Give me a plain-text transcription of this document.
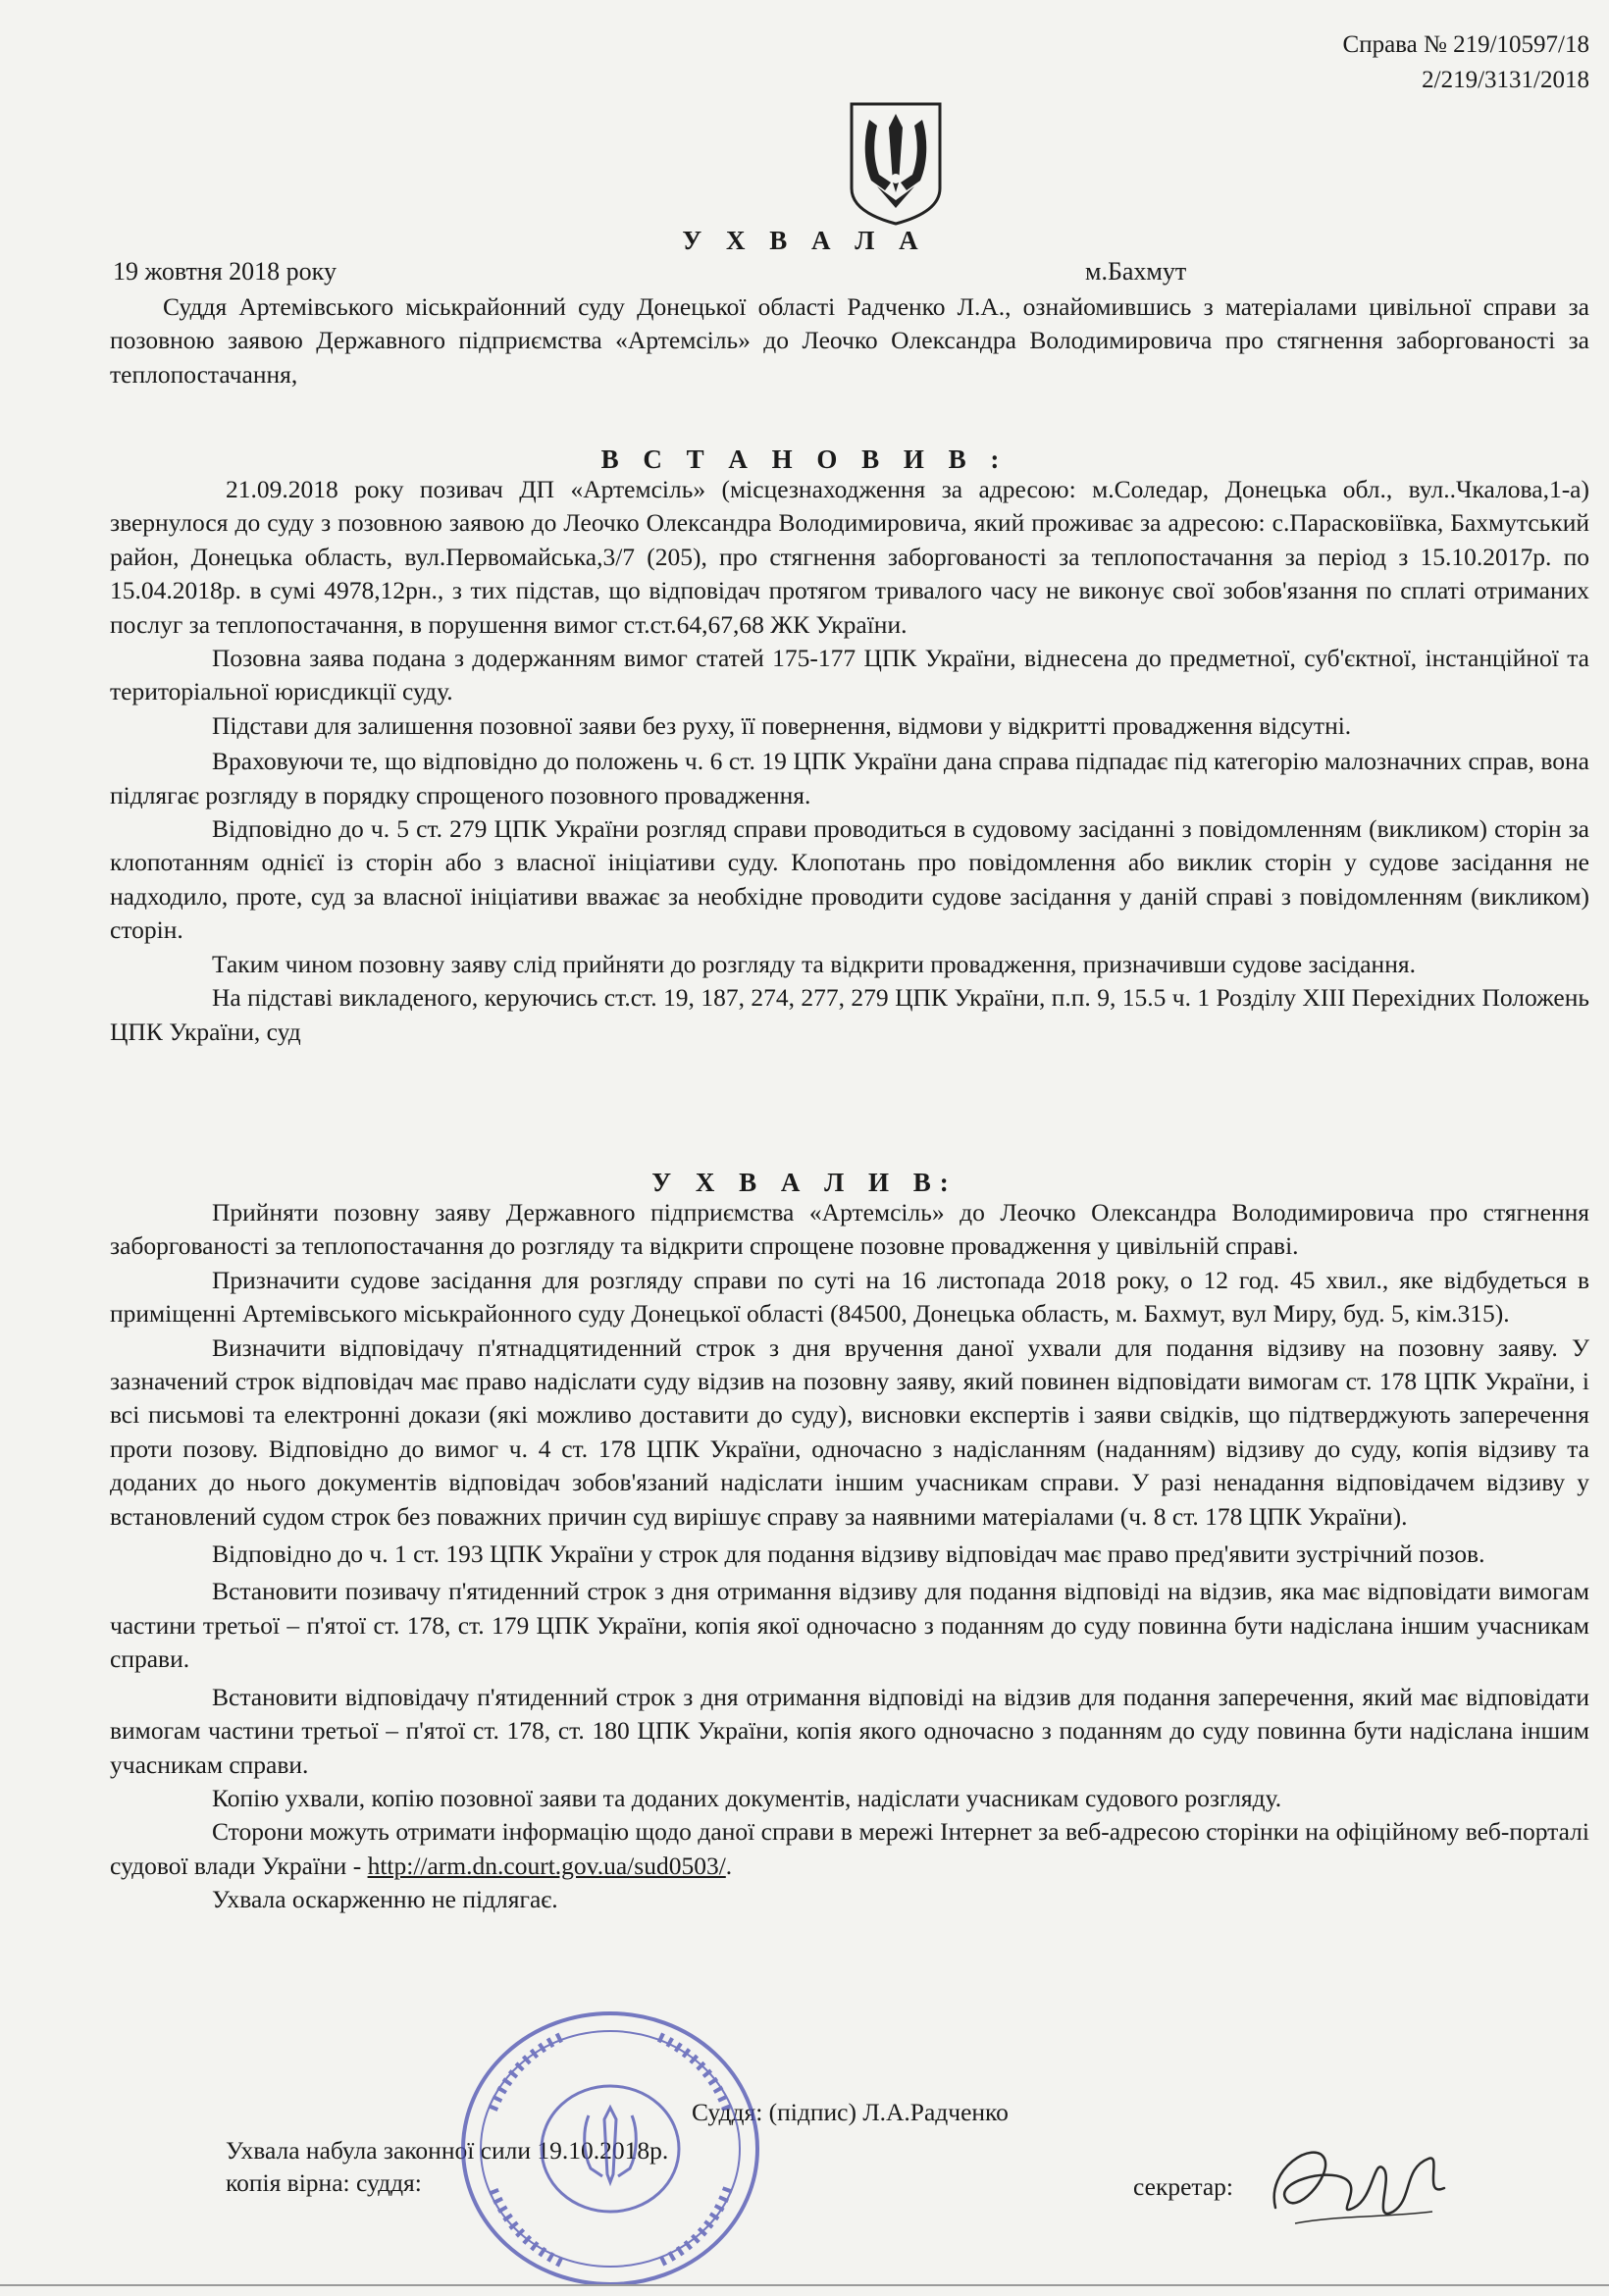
Справа № 219/10597/18
2/219/3131/2018
У Х В А Л А
19 жовтня 2018 року	м.Бахмут

Суддя Артемівського міськрайонний суду Донецької області Радченко Л.А., ознайомившись з матеріалами цивільної справи за позовною заявою Державного підприємства «Артемсіль» до Леочко Олександра Володимировича про стягнення заборгованості за теплопостачання,

В С Т А Н О В И В :

21.09.2018 року позивач ДП «Артемсіль» (місцезнаходження за адресою: м.Соледар, Донецька обл., вул..Чкалова,1-а) звернулося до суду з позовною заявою до Леочко Олександра Володимировича, який проживає за адресою: с.Парасковіївка, Бахмутський район, Донецька область, вул.Первомайська,3/7 (205), про стягнення заборгованості за теплопостачання за період з 15.10.2017р. по 15.04.2018р. в сумі 4978,12рн., з тих підстав, що відповідач протягом тривалого часу не виконує свої зобов'язання по сплаті отриманих послуг за теплопостачання, в порушення вимог ст.ст.64,67,68 ЖК України.

Позовна заява подана з додержанням вимог статей 175-177 ЦПК України, віднесена до предметної, суб'єктної, інстанційної та територіальної юрисдикції суду.

Підстави для залишення позовної заяви без руху, її повернення, відмови у відкритті провадження відсутні.

Враховуючи те, що відповідно до положень ч. 6 ст. 19 ЦПК України дана справа підпадає під категорію малозначних справ, вона підлягає розгляду в порядку спрощеного позовного провадження.

Відповідно до ч. 5 ст. 279 ЦПК України розгляд справи проводиться в судовому засіданні з повідомленням (викликом) сторін за клопотанням однієї із сторін або з власної ініціативи суду. Клопотань про повідомлення або виклик сторін у судове засідання не надходило, проте, суд за власної ініціативи вважає за необхідне проводити судове засідання у даній справі з повідомленням (викликом) сторін.

Таким чином позовну заяву слід прийняти до розгляду та відкрити провадження, призначивши судове засідання.

На підставі викладеного, керуючись ст.ст. 19, 187, 274, 277, 279 ЦПК України, п.п. 9, 15.5 ч. 1 Розділу XIII Перехідних Положень ЦПК України, суд

У Х В А Л И В:

Прийняти позовну заяву Державного підприємства «Артемсіль» до Леочко Олександра Володимировича про стягнення заборгованості за теплопостачання до розгляду та відкрити спрощене позовне провадження у цивільній справі.

Призначити судове засідання для розгляду справи по суті на 16 листопада 2018 року, о 12 год. 45 хвил., яке відбудеться в приміщенні Артемівського міськрайонного суду Донецької області (84500, Донецька область, м. Бахмут, вул Миру, буд. 5, кім.315).

Визначити відповідачу п'ятнадцятиденний строк з дня вручення даної ухвали для подання відзиву на позовну заяву. У зазначений строк відповідач має право надіслати суду відзив на позовну заяву, який повинен відповідати вимогам ст. 178 ЦПК України, і всі письмові та електронні докази (які можливо доставити до суду), висновки експертів і заяви свідків, що підтверджують заперечення проти позову. Відповідно до вимог ч. 4 ст. 178 ЦПК України, одночасно з надісланням (наданням) відзиву до суду, копія відзиву та доданих до нього документів відповідач зобов'язаний надіслати іншим учасникам справи. У разі ненадання відповідачем відзиву у встановлений судом строк без поважних причин суд вирішує справу за наявними матеріалами (ч. 8 ст. 178 ЦПК України).

Відповідно до ч. 1 ст. 193 ЦПК України у строк для подання відзиву відповідач має право пред'явити зустрічний позов.

Встановити позивачу п'ятиденний строк з дня отримання відзиву для подання відповіді на відзив, яка має відповідати вимогам частини третьої – п'ятої ст. 178, ст. 179 ЦПК України, копія якої одночасно з поданням до суду повинна бути надіслана іншим учасникам справи.

Встановити відповідачу п'ятиденний строк з дня отримання відповіді на відзив для подання заперечення, який має відповідати вимогам частини третьої – п'ятої ст. 178, ст. 180 ЦПК України, копія якого одночасно з поданням до суду повинна бути надіслана іншим учасникам справи.

Копію ухвали, копію позовної заяви та доданих документів, надіслати учасникам судового розгляду.

Сторони можуть отримати інформацію щодо даної справи в мережі Інтернет за веб-адресою сторінки на офіційному веб-порталі судової влади України - http://arm.dn.court.gov.ua/sud0503/.

Ухвала оскарженню не підлягає.

Суддя: (підпис) Л.А.Радченко
Ухвала набула законної сили 19.10.2018р.
копія вірна: суддя:	секретар:
